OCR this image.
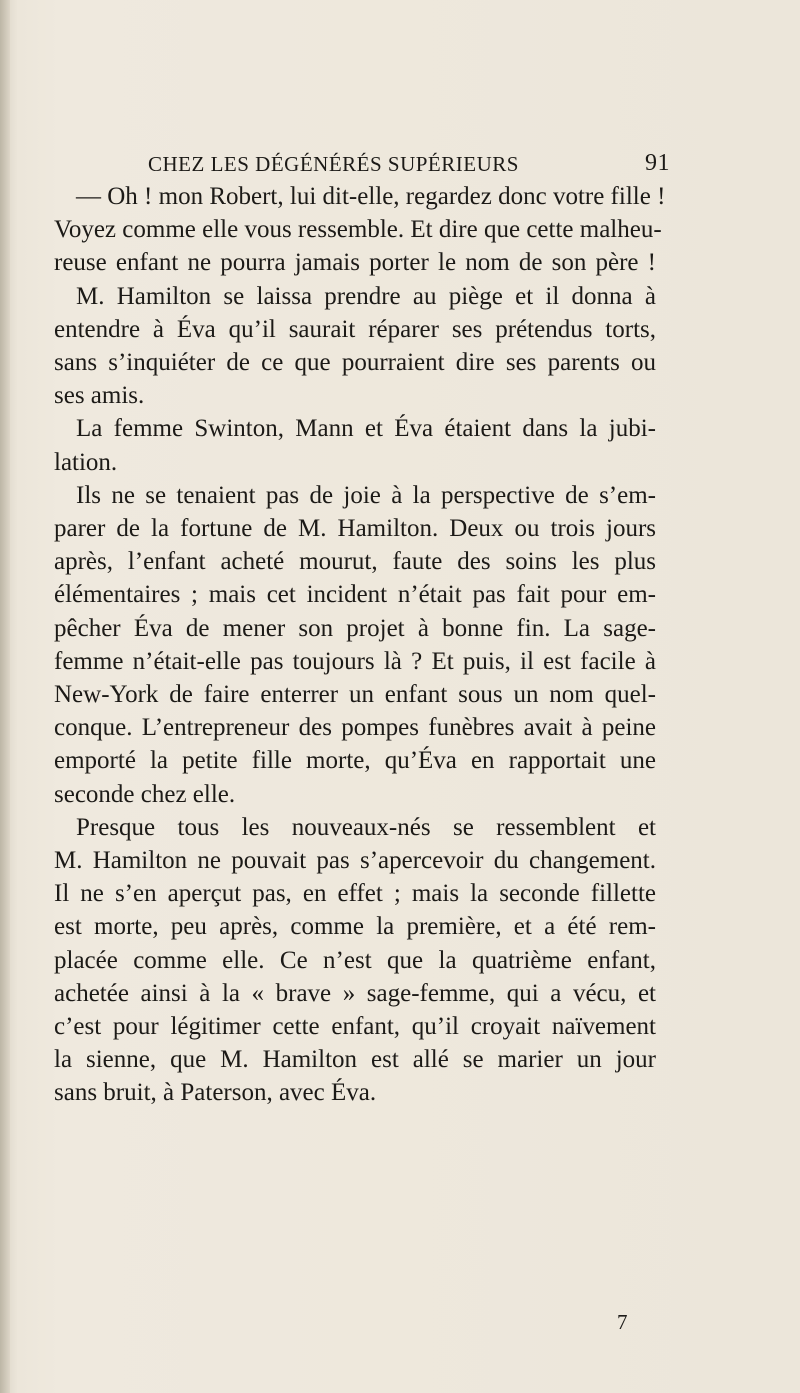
CHEZ LES DÉGÉNÉRÉS SUPÉRIEURS	91
— Oh ! mon Robert, lui dit-elle, regardez donc votre fille !
Voyez comme elle vous ressemble. Et dire que cette malheu-
reuse enfant ne pourra jamais porter le nom de son père !
M. Hamilton se laissa prendre au piège et il donna à
entendre à Éva qu’il saurait réparer ses prétendus torts,
sans s’inquiéter de ce que pourraient dire ses parents ou
ses amis.
La femme Swinton, Mann et Éva étaient dans la jubi-
lation.
Ils ne se tenaient pas de joie à la perspective de s’em-
parer de la fortune de M. Hamilton. Deux ou trois jours
après, l’enfant acheté mourut, faute des soins les plus
élémentaires ; mais cet incident n’était pas fait pour em-
pêcher Éva de mener son projet à bonne fin. La sage-
femme n’était-elle pas toujours là ? Et puis, il est facile à
New-York de faire enterrer un enfant sous un nom quel-
conque. L’entrepreneur des pompes funèbres avait à peine
emporté la petite fille morte, qu’Éva en rapportait une
seconde chez elle.
Presque tous les nouveaux-nés se ressemblent et
M. Hamilton ne pouvait pas s’apercevoir du changement.
Il ne s’en aperçut pas, en effet ; mais la seconde fillette
est morte, peu après, comme la première, et a été rem-
placée comme elle. Ce n’est que la quatrième enfant,
achetée ainsi à la « brave » sage-femme, qui a vécu, et
c’est pour légitimer cette enfant, qu’il croyait naïvement
la sienne, que M. Hamilton est allé se marier un jour
sans bruit, à Paterson, avec Éva.
7
